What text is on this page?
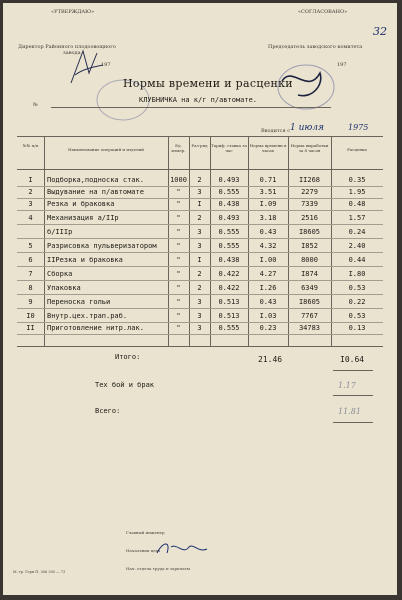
«УТВЕРЖДАЮ»
Директор Районного плодоовощного
завода
197
«СОГЛАСОВАНО»
Председатель заводского комитета
197
32
Нормы времени и расценки
№
КЛУБНИЧКА на к/г п/автомате.
Вводится с 1 июля	1975
№№ п/п
Наименование операций и изделий
Ед. измер.
Раз-ряд Тариф. ставка за час
Норма времени в часах
Норма выработки за 8 часов	Расценка
I	Подборка,подноска стак.	1000	2	0.493	0.71	II268	0.35
2	Выдувание на п/автомате	"	3	0.555	3.51	2279	1.95
3	Резка и браковка	"	I	0.438	I.09	7339	0.48
4	Механизация а/IIр	"	2	0.493	3.18	2516	1.57
б/IIIр	"	3	0.555	0.43	I8605	0.24
5	Разрисовка пульверизатором	"	3	0.555	4.32	I852	2.40
6	IIРезка и браковка	"	I	0.438	I.00	8000	0.44
7	Сборка	"	2	0.422	4.27	I874	I.80
8	Упаковка	"	2	0.422	I.26	6349	0.53
9	Переноска гольи	"	3	0.513	0.43	I8605	0.22
I0	Внутр.цех.трап.раб.	"	3	0.513	I.03	7767	0.53
II	Приготовление нитр.лак.	"	3	0.555	0.23	34783	0.13
Итого:	21.46	I0.64
Тех бой и брак	1.17
Всего:	11.81
Главный инженер
Начальник цеха
Нач. отдела труда и зарплаты
М. тр. Герп П. 306 300 — 73
